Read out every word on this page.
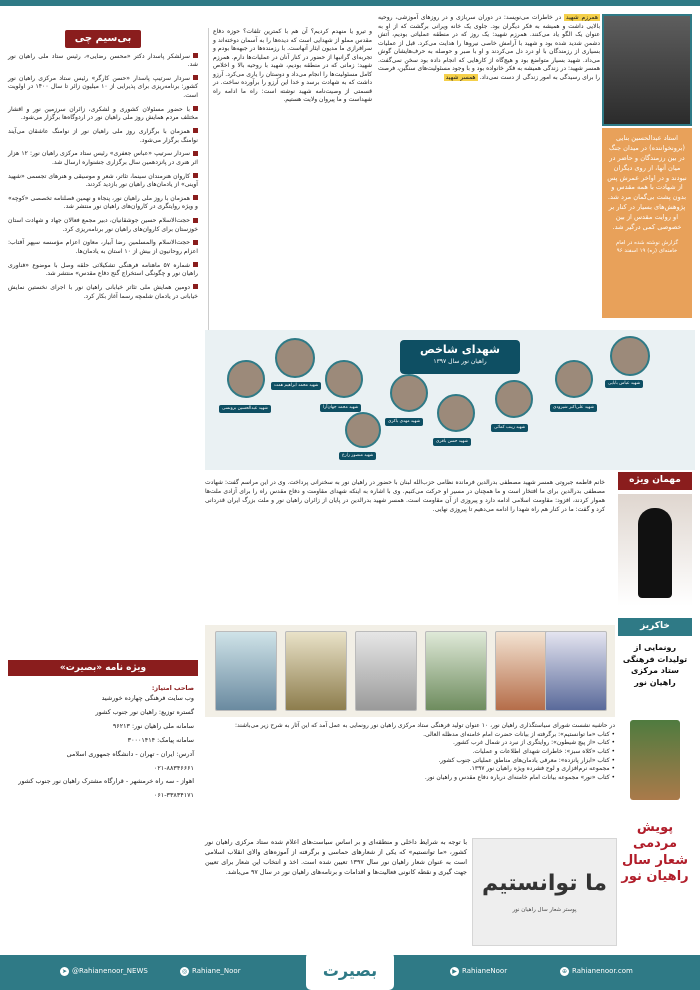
بی‌سیم چی
سرلشکر پاسدار دکتر «محسن رضایی»، رئیس ستاد ملی راهیان نور شد.
سردار سرتیپ پاسدار «حسن کارگر» رئیس ستاد مرکزی راهیان نور کشور: برنامه‌ریزی برای پذیرایی از ۱۰ میلیون زائر تا سال ۱۴۰۰ در اولویت است.
با حضور مسئولان کشوری و لشکری، زائران سرزمین نور و اقشار مختلف مردم همایش روز ملی راهیان نور در اردوگاه‌ها برگزار می‌شود.
همزمان با برگزاری روز ملی راهیان نور از نوامنگ عاشقان می‌آیند نوامنگ برگزار می‌شود.
سردار سرتیپ «عباس جعفری» رئیس ستاد مرکزی راهیان نور: ۱۲ هزار اثر هنری در پانزدهمین سال برگزاری جشنواره ارسال شد.
کاروان هنرمندان سینما، تئاتر، شعر و موسیقی و هنرهای تجسمی «شهید آوینی» از یادمان‌های راهیان نور بازدید کردند.
همزمان با روز ملی راهیان نور، پنجاه و نهمین فصلنامه تخصصی «کوچه» و ویژه روایتگری در کاروان‌های راهیان نور منتشر شد.
حجت‌الاسلام حسین جوشقانیان، دبیر مجمع فعالان جهاد و شهادت استان خوزستان برای کاروان‌های راهیان نور برنامه‌ریزی کرد.
حجت‌الاسلام والمسلمین رضا آبیار، معاون اعزام مؤسسه سپهر آفتاب: اعزام روحانیون از بیش از ۱۰ استان به یادمان‌ها.
شماره ۵۷ ماهنامه فرهنگی تشکیلاتی حلقه وصل با موضوع «فناوری راهیان نور و چگونگی استخراج گنج دفاع مقدس» منتشر شد.
دومین همایش ملی تئاتر خیابانی راهیان نور با اجرای نخستین نمایش خیابانی در یادمان شلمچه رسما آغاز بکار کرد.
ویژه نامه «بصیرت»
صاحب امتیاز:
وب سایت فرهنگی چهارده خورشید
گستره توزیع: راهیان نور جنوب کشور
سامانه ملی راهیان نور: ۹۶۲۱۳
سامانه پیامک: ۳۰۰۰۱۴۱۴
آدرس: ایران - تهران - دانشگاه جمهوری اسلامی
۰۲۱-۸۸۳۴۶۶۶۱
اهواز - سه راه خرمشهر - قرارگاه مشترک راهیان نور جنوب کشور
۰۶۱-۳۳۸۳۴۱۷۱
و تیرو یا منهدم کردیم؟ آن هم با کمترین تلفات؟ حوزه دفاع مقدس مملو از شهدایی است که دیده‌ها را به آسمان دوخته‌اند و سرافرازی ما مدیون ایثار آنهاست. با رزمنده‌ها در جبهه‌ها بودم و تجربه‌ای گرانبها از حضور در کنار آنان در عملیات‌ها دارم. همرزم شهید: زمانی که در منطقه بودیم، شهید با روحیه بالا و اخلاص کامل مسئولیت‌ها را انجام می‌داد و دوستان را یاری می‌کرد. آرزو داشت که به شهادت برسد و خدا این آرزو را برآورده ساخت. در قسمتی از وصیت‌نامه شهید نوشته است: راه ما ادامه راه شهداست و ما پیروان ولایت هستیم.
همرزم شهید در خاطرات می‌نویسد: در دوران سربازی و در روزهای آموزشی، روحیه بالایی داشت و همیشه به فکر دیگران بود. جلوی یک خانه ویرانی برگشت که از او به عنوان یک الگو یاد می‌کنند. همرزم شهید: یک روز که در منطقه عملیاتی بودیم، آتش دشمن شدید شده بود و شهید با آرامش خاصی نیروها را هدایت می‌کرد. قبل از عملیات بسیاری از رزمندگان با او درد دل می‌کردند و او با صبر و حوصله به حرف‌هایشان گوش می‌داد. شهید بسیار متواضع بود و هیچ‌گاه از کارهایی که انجام داده بود سخن نمی‌گفت. همسر شهید: در زندگی همیشه به فکر خانواده بود و با وجود مسئولیت‌های سنگین، فرصت را برای رسیدگی به امور زندگی از دست نمی‌داد. همسر شهید
استاد عبدالحسین بنایی (برونخواننده) در میدان جنگ در بین رزمندگان و حاضر در میان آنها، از روی دیگران نبودند و در اواخر عمرش پس از شهادت با همه مقدس و بدون پشت بی‌گمان مرد شد. پژوهش‌های بسیار در کنار بر او روایت مقدس از بین خصوصی کمی درگیر شد.
گزارش نوشته شده در امام خامنه‌ای (ره) ۱۹ اسفند ۹۶
شهید عبدالحسین برونسی
شهید محمد ابراهیم همت
شهید محمد جهان‌آرا
شهید مهدی باکری
شهید حسن باقری
شهید زینب کمائی
شهید علی‌اکبر شیرودی
شهید عباس بابایی
شهید منصور زارع
شهدای شاخص
راهیان نور سال ۱۳۹۷
مهمان ویژه
خانم فاطمه جبروتی همسر شهید مصطفی بدرالدین فرمانده نظامی حزب‌الله لبنان با حضور در راهیان نور به سخنرانی پرداخت. وی در این مراسم گفت: شهادت مصطفی بدرالدین برای ما افتخار است و ما همچنان در مسیر او حرکت می‌کنیم. وی با اشاره به اینکه شهدای مقاومت و دفاع مقدس راه را برای آزادی ملت‌ها هموار کردند، افزود: مقاومت اسلامی ادامه دارد و پیروزی از آن مقاومت است. همسر شهید بدرالدین در پایان از زائران راهیان نور و ملت بزرگ ایران قدردانی کرد و گفت: ما در کنار هم راه شهدا را ادامه می‌دهیم تا پیروزی نهایی.
خاکریز
رونمایی از تولیدات فرهنگی ستاد مرکزی راهیان نور
در حاشیه نشست شورای سیاستگذاری راهیان نور، ۱۰ عنوان تولید فرهنگی ستاد مرکزی راهیان نور رونمایی به عمل آمد که این آثار به شرح زیر می‌باشند:
• کتاب «ما توانستیم»: برگرفته از بیانات حضرت امام خامنه‌ای مدظله العالی.
• کتاب «از پیچ شیطون»: روایتگری از نبرد در شمال غرب کشور.
• کتاب «کلاه سبز»: خاطرات شهدای اطلاعات و عملیات.
• کتاب «ابزار پانزده»: معرفی یادمان‌های مناطق عملیاتی جنوب کشور.
• مجموعه نرم‌افزاری و لوح فشرده ویژه راهیان نور ۱۳۹۷.
• کتاب «نور» مجموعه بیانات امام خامنه‌ای درباره دفاع مقدس و راهیان نور.
ما توانستیم
پوستر شعار سال راهیان نور
با توجه به شرایط داخلی و منطقه‌ای و بر اساس سیاست‌های اعلام شده ستاد مرکزی راهیان نور کشور، «ما توانستیم» که یکی از شعارهای حماسی و برگرفته از آموزه‌های والای انقلاب اسلامی است به عنوان شعار راهیان نور سال ۱۳۹۷ تعیین شده است. اخذ و انتخاب این شعار برای تعیین جهت گیری و نقطه کانونی فعالیت‌ها و اقدامات و برنامه‌های راهیان نور در سال ۹۷ می‌باشد.
پویش مردمی شعار سال راهیان نور
➤ @Rahianenoor_NEWS	◎ Rahiane_Noor	▶ RahianeNoor	⊕ Rahianenoor.com
بصیرت
